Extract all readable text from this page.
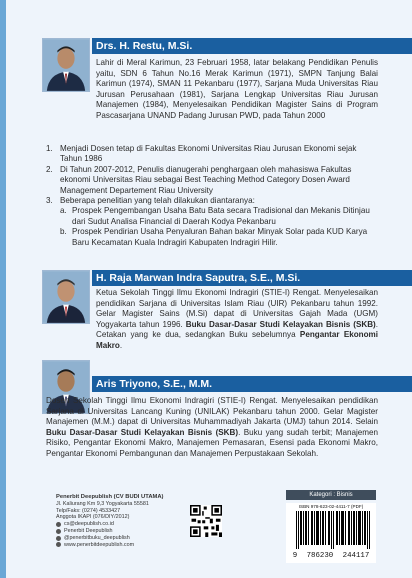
Drs. H. Restu, M.Si.
Lahir di Meral Karimun, 23 Februari 1958, latar belakang Pendidikan Penulis yaitu, SDN 6 Tahun No.16 Merak Karimun (1971), SMPN Tanjung Balai Karimun (1974), SMAN 11 Pekanbaru (1977), Sarjana Muda Universitas Riau Jurusan Perusahaan (1981), Sarjana Lengkap Universitas Riau Jurusan Manajemen (1984), Menyelesaikan Pendidikan Magister Sains di Program Pascasarjana UNAND Padang Jurusan PWD, pada Tahun 2000
1. Menjadi Dosen tetap di Fakultas Ekonomi Universitas Riau Jurusan Ekonomi sejak Tahun 1986
2. Di Tahun 2007-2012, Penulis dianugerahi penghargaan oleh mahasiswa Fakultas ekonomi Universitas Riau sebagai Best Teaching Method Category Dosen Award Management Departement Riau University
3. Beberapa penelitian yang telah dilakukan diantaranya:
a. Prospek Pengembangan Usaha Batu Bata secara Tradisional dan Mekanis Ditinjau dari Sudut Analisa Financial di Daerah Kodya Pekanbaru
b. Prospek Pendirian Usaha Penyaluran Bahan bakar Minyak Solar pada KUD Karya Baru Kecamatan Kuala Indragiri Kabupaten Indragiri Hilir.
H. Raja Marwan Indra Saputra, S.E., M.Si.
Ketua Sekolah Tinggi Ilmu Ekonomi Indragiri (STIE-I) Rengat. Menyelesaikan pendidikan Sarjana di Universitas Islam Riau (UIR) Pekanbaru tahun 1992. Gelar Magister Sains (M.Si) dapat di Universitas Gajah Mada (UGM) Yogyakarta tahun 1996. Buku Dasar-Dasar Studi Kelayakan Bisnis (SKB). Cetakan yang ke dua, sedangkan Buku sebelumnya Pengantar Ekonomi Makro.
Aris Triyono, S.E., M.M.
Dosen Sekolah Tinggi Ilmu Ekonomi Indragiri (STIE-I) Rengat. Menyelesaikan pendidikan Sarjana di Universitas Lancang Kuning (UNILAK) Pekanbaru tahun 2000. Gelar Magister Manajemen (M.M.) dapat di Universitas Muhammadiyah Jakarta (UMJ) tahun 2014. Selain Buku Dasar-Dasar Studi Kelayakan Bisnis (SKB). Buku yang sudah terbit; Manajemen Risiko, Pengantar Ekonomi Makro, Manajemen Pemasaran, Esensi pada Ekonomi Makro, Pengantar Ekonomi Pembangunan dan Manajemen Perpustakaan Sekolah.
Penerbit Deepublish (CV BUDI UTAMA)
Jl. Kaliurang Km 9,3 Yogyakarta 55581
Telp/Faks: (0274) 4533427
Anggota IKAPI (076/DIY/2012)
cs@deepublish.co.id
Penerbit Deepublish
@penerbitbuku_deepublish
www.penerbitdeepublish.com
Kategori : Bisnis
ISBN 978-623-02-4411-7 (PDF)
9 786230 244117
